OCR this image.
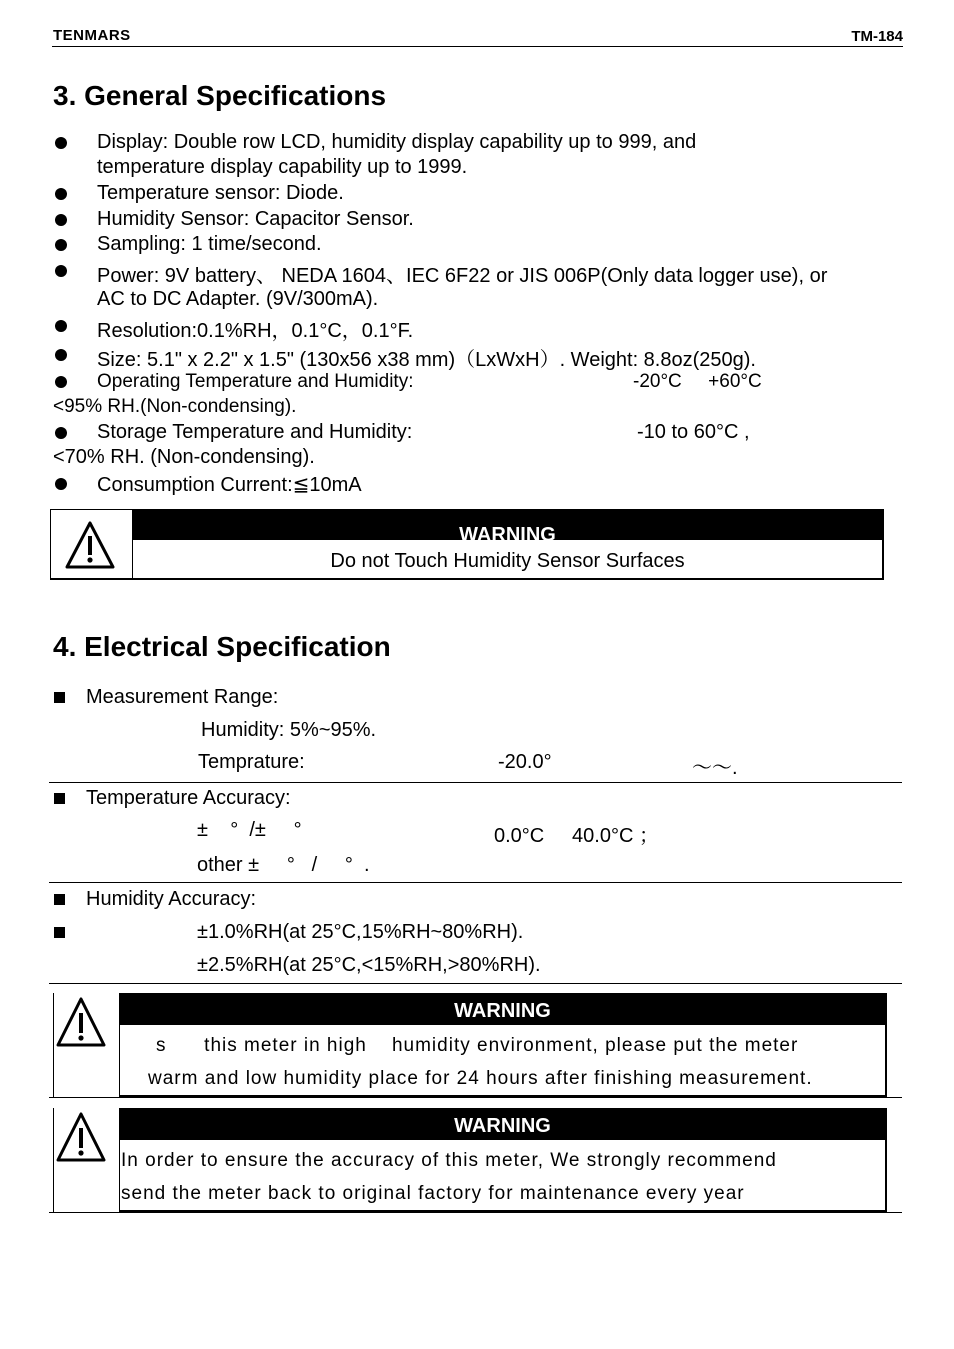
TENMARS	TM-184
3. General Specifications
Display: Double row LCD, humidity display capability up to 999, and
temperature display capability up to 1999.
Temperature sensor: Diode.
Humidity Sensor: Capacitor Sensor.
Sampling: 1 time/second.
Power: 9V battery、 NEDA 1604、IEC 6F22 or JIS 006P(Only data logger use), or
AC to DC Adapter. (9V/300mA).
Resolution:0.1%RH，0.1°C，0.1°F.
Size: 5.1" x 2.2" x 1.5" (130x56 x38 mm)（LxWxH）. Weight: 8.8oz(250g).
Operating Temperature and Humidity:	-20°C     +60°C
<95% RH.(Non-condensing).
Storage Temperature and Humidity:	-10 to 60°C ,
<70% RH. (Non-condensing).
Consumption Current:≦10mA
WARNING
Do not Touch Humidity Sensor Surfaces
4. Electrical Specification
Measurement Range:
Humidity: 5%~95%.
Temprature:	-20.0°	～～.
Temperature Accuracy:
±    °  /±     °	0.0°C     40.0°C ；
other ±     °   /     °  .
Humidity Accuracy:
±1.0%RH(at 25°C,15%RH~80%RH).
±2.5%RH(at 25°C,<15%RH,>80%RH).
WARNING
s      this meter in high    humidity environment, please put the meter
warm and low humidity place for 24 hours after finishing measurement.
WARNING
In order to ensure the accuracy of this meter, We strongly recommend
send the meter back to original factory for maintenance every year
